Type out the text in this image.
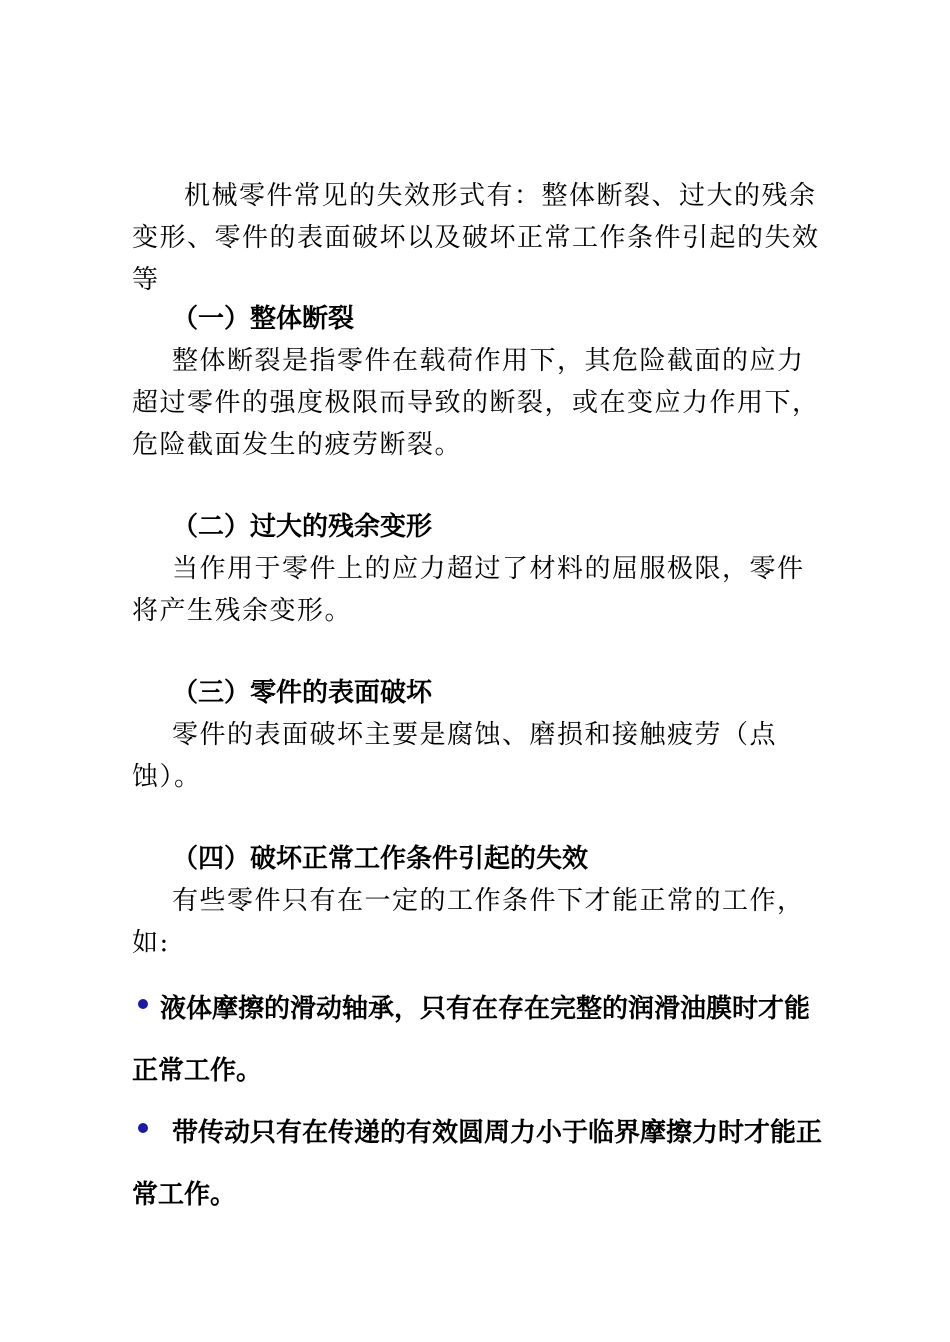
机械零件常见的失效形式有：整体断裂、过大的残余变形、零件的表面破坏以及破坏正常工作条件引起的失效等

（一）整体断裂

整体断裂是指零件在载荷作用下，其危险截面的应力超过零件的强度极限而导致的断裂，或在变应力作用下，危险截面发生的疲劳断裂。

（二）过大的残余变形

当作用于零件上的应力超过了材料的屈服极限，零件将产生残余变形。

（三）零件的表面破坏

零件的表面破坏主要是腐蚀、磨损和接触疲劳（点蚀）。

（四）破坏正常工作条件引起的失效

有些零件只有在一定的工作条件下才能正常的工作，如:

液体摩擦的滑动轴承，只有在存在完整的润滑油膜时才能正常工作。

带传动只有在传递的有效圆周力小于临界摩擦力时才能正常工作。
